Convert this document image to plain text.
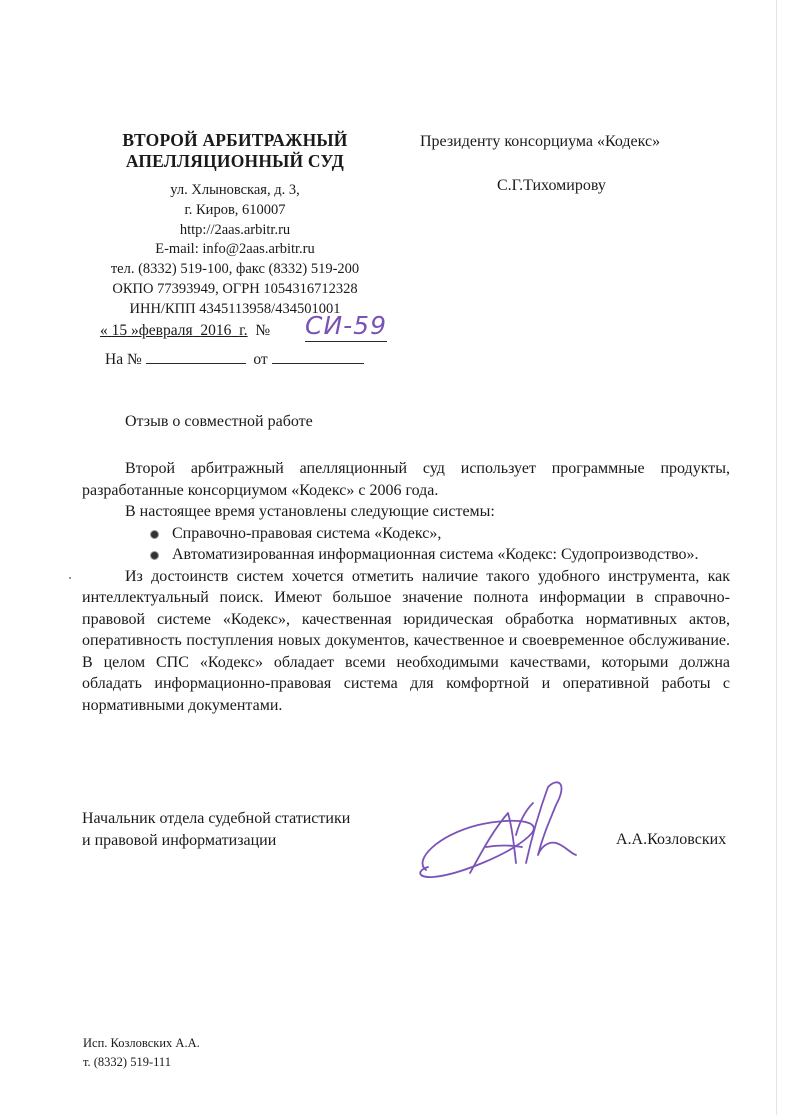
ВТОРОЙ АРБИТРАЖНЫЙ
АПЕЛЛЯЦИОННЫЙ СУД
ул. Хлыновская, д. 3,
г. Киров, 610007
http://2aas.arbitr.ru
E-mail: info@2aas.arbitr.ru
тел. (8332) 519-100, факс (8332) 519-200
ОКПО 77393949, ОГРН 1054316712328
ИНН/КПП 4345113958/434501001
Президенту консорциума «Кодекс»
С.Г.Тихомирову
« 15 »февраля 2016 г. № СИ-59
На №	от
Отзыв о совместной работе

Второй арбитражный апелляционный суд использует программные продукты, разработанные консорциумом «Кодекс» с 2006 года.

В настоящее время установлены следующие системы:

Справочно-правовая система «Кодекс»,
Автоматизированная информационная система «Кодекс: Судопроизводство».

Из достоинств систем хочется отметить наличие такого удобного инструмента, как интеллектуальный поиск. Имеют большое значение полнота информации в справочно-правовой системе «Кодекс», качественная юридическая обработка нормативных актов, оперативность поступления новых документов, качественное и своевременное обслуживание. В целом СПС «Кодекс» обладает всеми необходимыми качествами, которыми должна обладать информационно-правовая система для комфортной и оперативной работы с нормативными документами.

Начальник отдела судебной статистики
и правовой информатизации	А.А.Козловских
Исп. Козловских А.А.
т. (8332) 519-111
